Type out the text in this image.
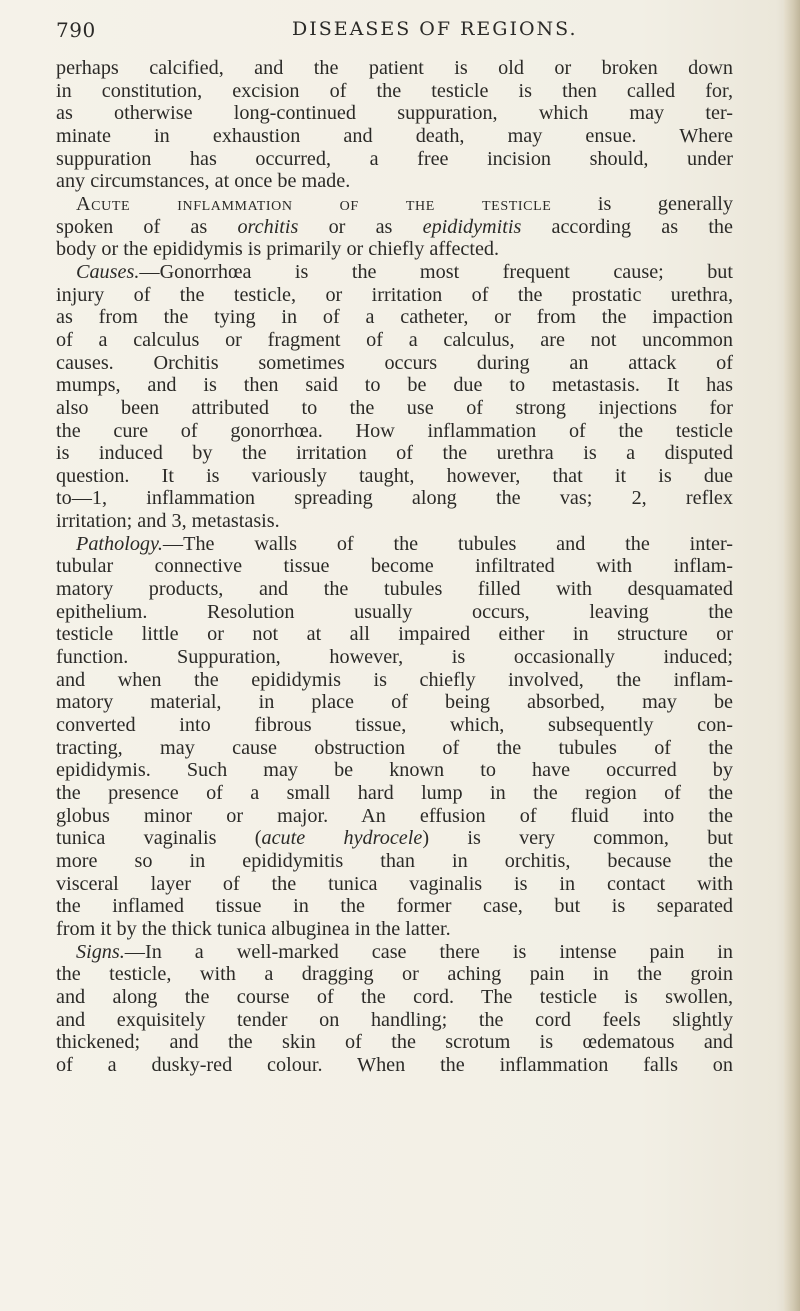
790	DISEASES OF REGIONS.
perhaps calcified, and the patient is old or broken down
in constitution, excision of the testicle is then called for,
as otherwise long-continued suppuration, which may ter-
minate in exhaustion and death, may ensue. Where
suppuration has occurred, a free incision should, under
any circumstances, at once be made.
Acute inflammation of the testicle is generally
spoken of as orchitis or as epididymitis according as the
body or the epididymis is primarily or chiefly affected.
Causes.—Gonorrhœa is the most frequent cause; but
injury of the testicle, or irritation of the prostatic urethra,
as from the tying in of a catheter, or from the impaction
of a calculus or fragment of a calculus, are not uncommon
causes. Orchitis sometimes occurs during an attack of
mumps, and is then said to be due to metastasis. It has
also been attributed to the use of strong injections for
the cure of gonorrhœa. How inflammation of the testicle
is induced by the irritation of the urethra is a disputed
question. It is variously taught, however, that it is due
to—1, inflammation spreading along the vas; 2, reflex
irritation; and 3, metastasis.
Pathology.—The walls of the tubules and the inter-
tubular connective tissue become infiltrated with inflam-
matory products, and the tubules filled with desquamated
epithelium. Resolution usually occurs, leaving the
testicle little or not at all impaired either in structure or
function. Suppuration, however, is occasionally induced;
and when the epididymis is chiefly involved, the inflam-
matory material, in place of being absorbed, may be
converted into fibrous tissue, which, subsequently con-
tracting, may cause obstruction of the tubules of the
epididymis. Such may be known to have occurred by
the presence of a small hard lump in the region of the
globus minor or major. An effusion of fluid into the
tunica vaginalis (acute hydrocele) is very common, but
more so in epididymitis than in orchitis, because the
visceral layer of the tunica vaginalis is in contact with
the inflamed tissue in the former case, but is separated
from it by the thick tunica albuginea in the latter.
Signs.—In a well-marked case there is intense pain in
the testicle, with a dragging or aching pain in the groin
and along the course of the cord. The testicle is swollen,
and exquisitely tender on handling; the cord feels slightly
thickened; and the skin of the scrotum is œdematous and
of a dusky-red colour. When the inflammation falls on
